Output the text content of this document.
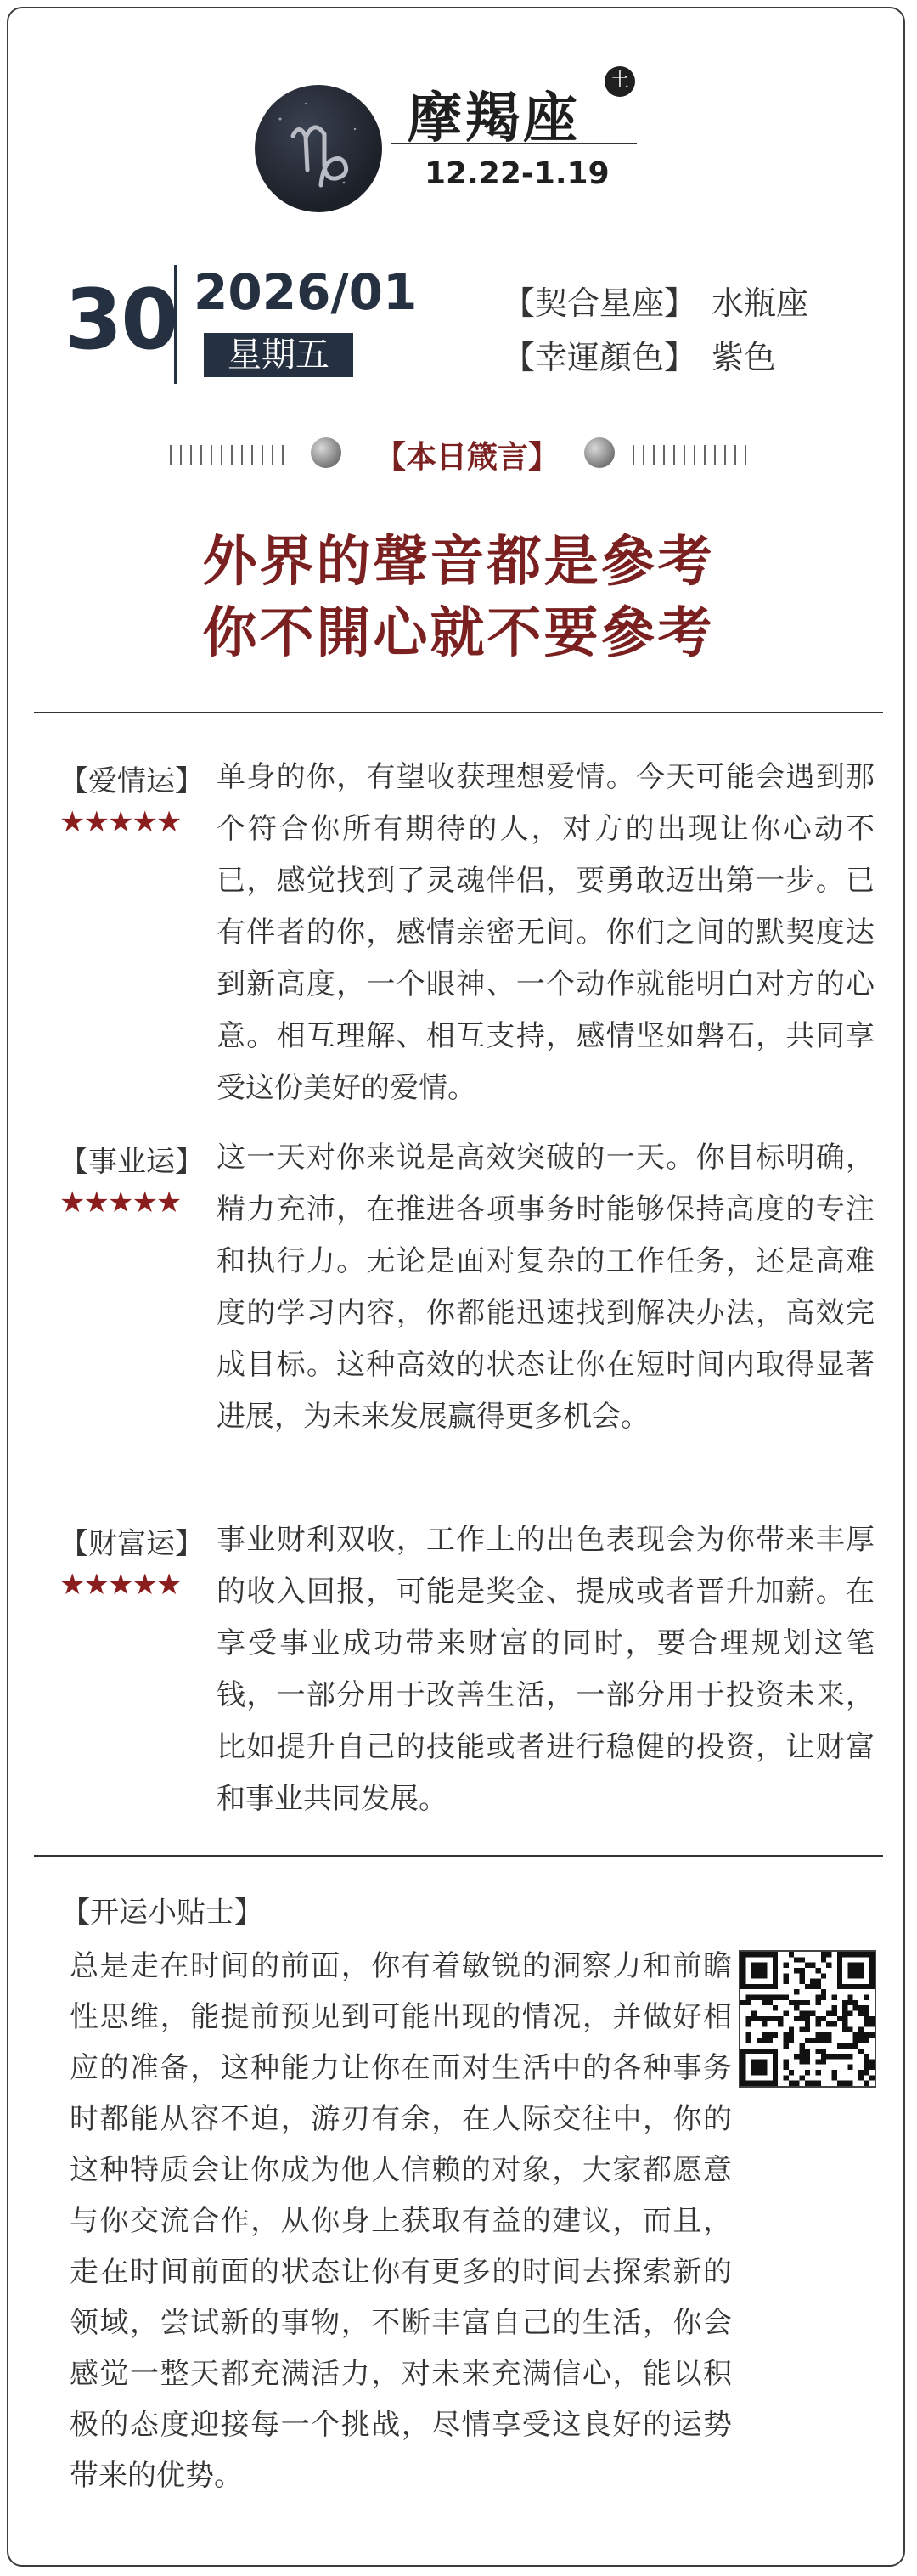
摩羯座
土
12.22-1.19
30 2026/01
星期五
【契合星座】 水瓶座
【幸運顏色】 紫色
【本日箴言】
外界的聲音都是參考
你不開心就不要參考
【爱情运】
★★★★★
单身的你，有望收获理想爱情。今天可能会遇到那个符合你所有期待的人，对方的出现让你心动不已，感觉找到了灵魂伴侣，要勇敢迈出第一步。已有伴者的你，感情亲密无间。你们之间的默契度达到新高度，一个眼神、一个动作就能明白对方的心意。相互理解、相互支持，感情坚如磐石，共同享受这份美好的爱情。
【事业运】
★★★★★
这一天对你来说是高效突破的一天。你目标明确，精力充沛，在推进各项事务时能够保持高度的专注和执行力。无论是面对复杂的工作任务，还是高难度的学习内容，你都能迅速找到解决办法，高效完成目标。这种高效的状态让你在短时间内取得显著进展，为未来发展赢得更多机会。
【财富运】
★★★★★
事业财利双收，工作上的出色表现会为你带来丰厚的收入回报，可能是奖金、提成或者晋升加薪。在享受事业成功带来财富的同时，要合理规划这笔钱，一部分用于改善生活，一部分用于投资未来，比如提升自己的技能或者进行稳健的投资，让财富和事业共同发展。
【开运小贴士】
总是走在时间的前面，你有着敏锐的洞察力和前瞻性思维，能提前预见到可能出现的情况，并做好相应的准备，这种能力让你在面对生活中的各种事务时都能从容不迫，游刃有余，在人际交往中，你的这种特质会让你成为他人信赖的对象，大家都愿意与你交流合作，从你身上获取有益的建议，而且，走在时间前面的状态让你有更多的时间去探索新的领域，尝试新的事物，不断丰富自己的生活，你会感觉一整天都充满活力，对未来充满信心，能以积极的态度迎接每一个挑战，尽情享受这良好的运势带来的优势。
